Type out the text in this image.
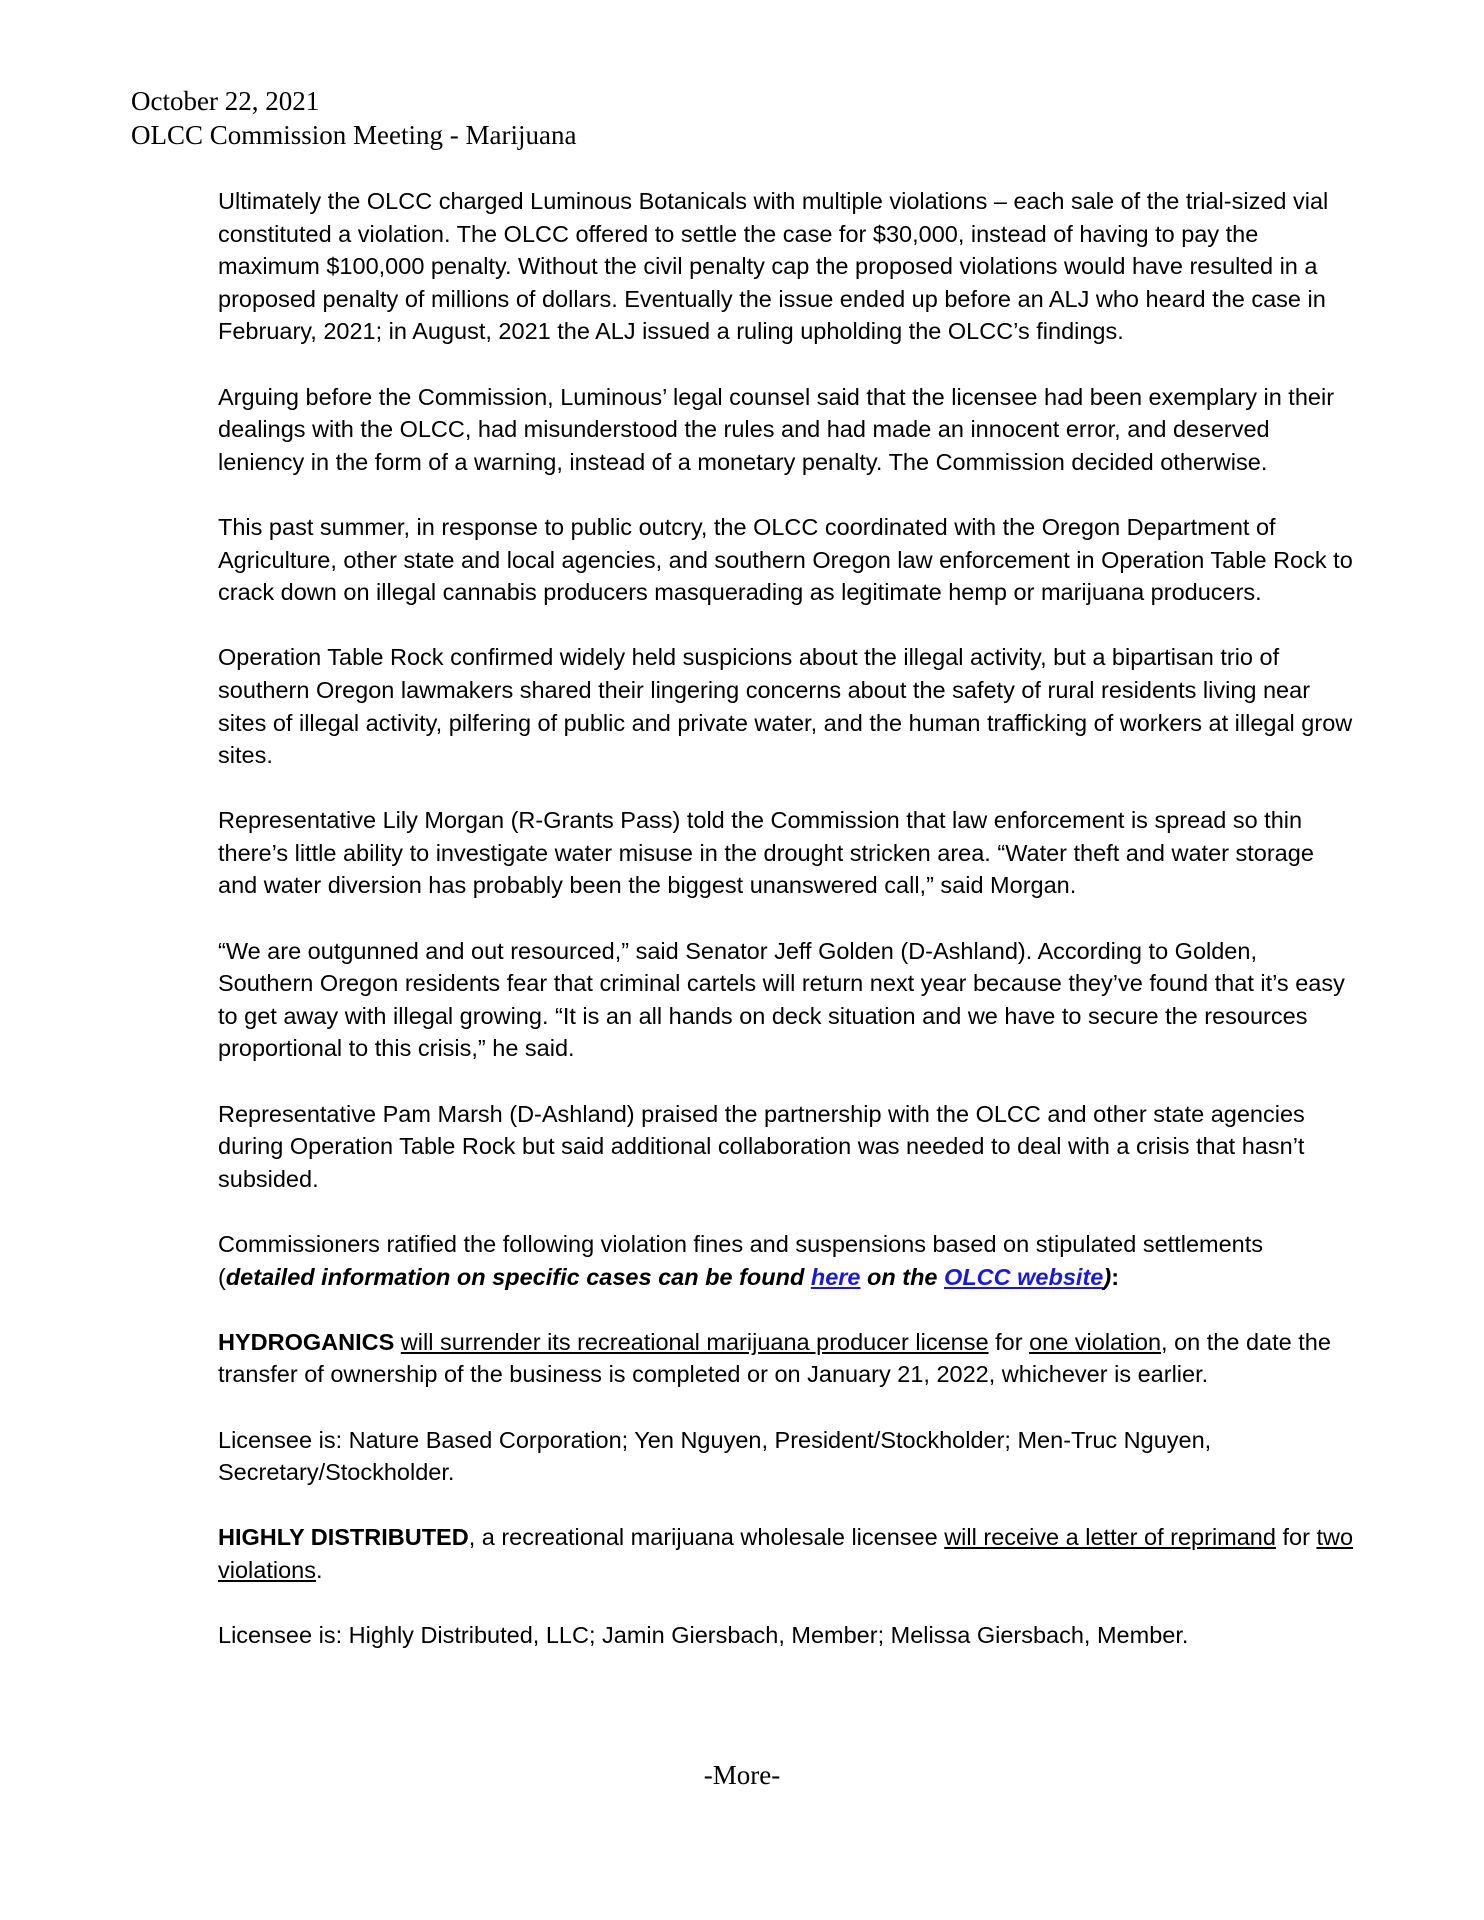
October 22, 2021
OLCC Commission Meeting - Marijuana

Ultimately the OLCC charged Luminous Botanicals with multiple violations – each sale of the trial-sized vial constituted a violation. The OLCC offered to settle the case for $30,000, instead of having to pay the maximum $100,000 penalty. Without the civil penalty cap the proposed violations would have resulted in a proposed penalty of millions of dollars. Eventually the issue ended up before an ALJ who heard the case in February, 2021; in August, 2021 the ALJ issued a ruling upholding the OLCC’s findings.

Arguing before the Commission, Luminous’ legal counsel said that the licensee had been exemplary in their dealings with the OLCC, had misunderstood the rules and had made an innocent error, and deserved leniency in the form of a warning, instead of a monetary penalty. The Commission decided otherwise.

This past summer, in response to public outcry, the OLCC coordinated with the Oregon Department of Agriculture, other state and local agencies, and southern Oregon law enforcement in Operation Table Rock to crack down on illegal cannabis producers masquerading as legitimate hemp or marijuana producers.

Operation Table Rock confirmed widely held suspicions about the illegal activity, but a bipartisan trio of southern Oregon lawmakers shared their lingering concerns about the safety of rural residents living near sites of illegal activity, pilfering of public and private water, and the human trafficking of workers at illegal grow sites.

Representative Lily Morgan (R-Grants Pass) told the Commission that law enforcement is spread so thin there’s little ability to investigate water misuse in the drought stricken area. “Water theft and water storage and water diversion has probably been the biggest unanswered call,” said Morgan.

“We are outgunned and out resourced,” said Senator Jeff Golden (D-Ashland). According to Golden, Southern Oregon residents fear that criminal cartels will return next year because they’ve found that it’s easy to get away with illegal growing. “It is an all hands on deck situation and we have to secure the resources proportional to this crisis,” he said.

Representative Pam Marsh (D-Ashland) praised the partnership with the OLCC and other state agencies during Operation Table Rock but said additional collaboration was needed to deal with a crisis that hasn’t subsided.

Commissioners ratified the following violation fines and suspensions based on stipulated settlements (detailed information on specific cases can be found here on the OLCC website):

HYDROGANICS will surrender its recreational marijuana producer license for one violation, on the date the transfer of ownership of the business is completed or on January 21, 2022, whichever is earlier.

Licensee is: Nature Based Corporation; Yen Nguyen, President/Stockholder; Men-Truc Nguyen, Secretary/Stockholder.

HIGHLY DISTRIBUTED, a recreational marijuana wholesale licensee will receive a letter of reprimand for two violations.

Licensee is: Highly Distributed, LLC; Jamin Giersbach, Member; Melissa Giersbach, Member.

-More-
